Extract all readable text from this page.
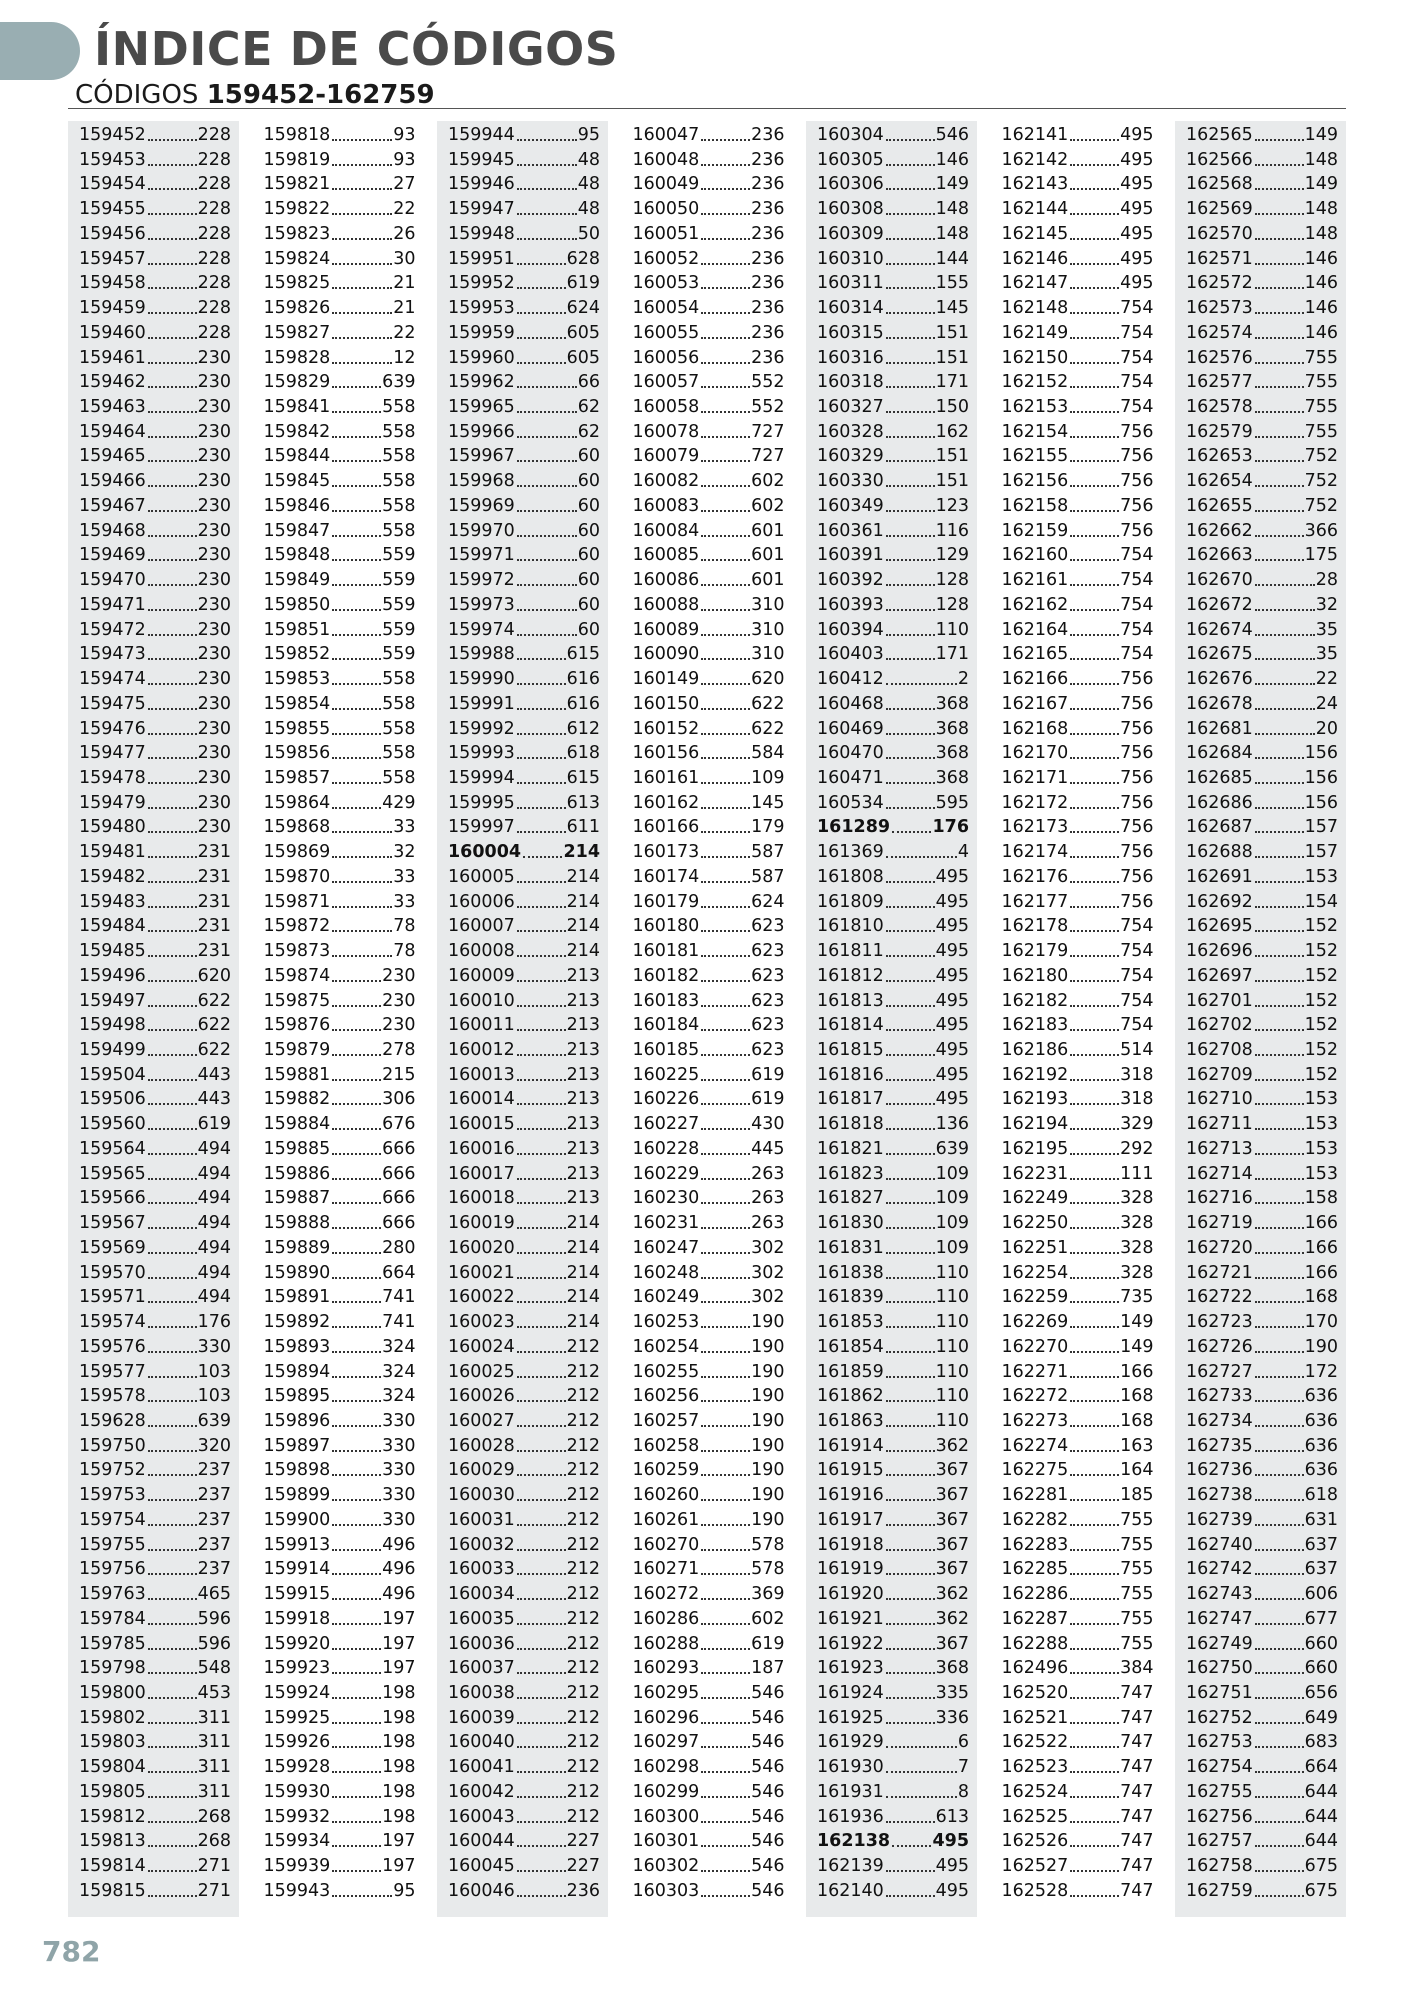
ÍNDICE DE CÓDIGOS

CÓDIGOS 159452-162759

159452	228
159453	228
159454	228
159455	228
159456	228
159457	228
159458	228
159459	228
159460	228
159461	230
159462	230
159463	230
159464	230
159465	230
159466	230
159467	230
159468	230
159469	230
159470	230
159471	230
159472	230
159473	230
159474	230
159475	230
159476	230
159477	230
159478	230
159479	230
159480	230
159481	231
159482	231
159483	231
159484	231
159485	231
159496	620
159497	622
159498	622
159499	622
159504	443
159506	443
159560	619
159564	494
159565	494
159566	494
159567	494
159569	494
159570	494
159571	494
159574	176
159576	330
159577	103
159578	103
159628	639
159750	320
159752	237
159753	237
159754	237
159755	237
159756	237
159763	465
159784	596
159785	596
159798	548
159800	453
159802	311
159803	311
159804	311
159805	311
159812	268
159813	268
159814	271
159815	271
159818	93
159819	93
159821	27
159822	22
159823	26
159824	30
159825	21
159826	21
159827	22
159828	12
159829	639
159841	558
159842	558
159844	558
159845	558
159846	558
159847	558
159848	559
159849	559
159850	559
159851	559
159852	559
159853	558
159854	558
159855	558
159856	558
159857	558
159864	429
159868	33
159869	32
159870	33
159871	33
159872	78
159873	78
159874	230
159875	230
159876	230
159879	278
159881	215
159882	306
159884	676
159885	666
159886	666
159887	666
159888	666
159889	280
159890	664
159891	741
159892	741
159893	324
159894	324
159895	324
159896	330
159897	330
159898	330
159899	330
159900	330
159913	496
159914	496
159915	496
159918	197
159920	197
159923	197
159924	198
159925	198
159926	198
159928	198
159930	198
159932	198
159934	197
159939	197
159943	95
159944	95
159945	48
159946	48
159947	48
159948	50
159951	628
159952	619
159953	624
159959	605
159960	605
159962	66
159965	62
159966	62
159967	60
159968	60
159969	60
159970	60
159971	60
159972	60
159973	60
159974	60
159988	615
159990	616
159991	616
159992	612
159993	618
159994	615
159995	613
159997	611
160004 214
160005	214
160006	214
160007	214
160008	214
160009	213
160010	213
160011	213
160012	213
160013	213
160014	213
160015	213
160016	213
160017	213
160018	213
160019	214
160020	214
160021	214
160022	214
160023	214
160024	212
160025	212
160026	212
160027	212
160028	212
160029	212
160030	212
160031	212
160032	212
160033	212
160034	212
160035	212
160036	212
160037	212
160038	212
160039	212
160040	212
160041	212
160042	212
160043	212
160044	227
160045	227
160046	236
160047	236
160048	236
160049	236
160050	236
160051	236
160052	236
160053	236
160054	236
160055	236
160056	236
160057	552
160058	552
160078	727
160079	727
160082	602
160083	602
160084	601
160085	601
160086	601
160088	310
160089	310
160090	310
160149	620
160150	622
160152	622
160156	584
160161	109
160162	145
160166	179
160173	587
160174	587
160179	624
160180	623
160181	623
160182	623
160183	623
160184	623
160185	623
160225	619
160226	619
160227	430
160228	445
160229	263
160230	263
160231	263
160247	302
160248	302
160249	302
160253	190
160254	190
160255	190
160256	190
160257	190
160258	190
160259	190
160260	190
160261	190
160270	578
160271	578
160272	369
160286	602
160288	619
160293	187
160295	546
160296	546
160297	546
160298	546
160299	546
160300	546
160301	546
160302	546
160303	546
160304	546
160305	146
160306	149
160308	148
160309	148
160310	144
160311	155
160314	145
160315	151
160316	151
160318	171
160327	150
160328	162
160329	151
160330	151
160349	123
160361	116
160391	129
160392	128
160393	128
160394	110
160403	171
160412	2
160468	368
160469	368
160470	368
160471	368
160534	595
161289 176
161369	4
161808	495
161809	495
161810	495
161811	495
161812	495
161813	495
161814	495
161815	495
161816	495
161817	495
161818	136
161821	639
161823	109
161827	109
161830	109
161831	109
161838	110
161839	110
161853	110
161854	110
161859	110
161862	110
161863	110
161914	362
161915	367
161916	367
161917	367
161918	367
161919	367
161920	362
161921	362
161922	367
161923	368
161924	335
161925	336
161929	6
161930	7
161931	8
161936	613
162138 495
162139	495
162140	495
162141	495
162142	495
162143	495
162144	495
162145	495
162146	495
162147	495
162148	754
162149	754
162150	754
162152	754
162153	754
162154	756
162155	756
162156	756
162158	756
162159	756
162160	754
162161	754
162162	754
162164	754
162165	754
162166	756
162167	756
162168	756
162170	756
162171	756
162172	756
162173	756
162174	756
162176	756
162177	756
162178	754
162179	754
162180	754
162182	754
162183	754
162186	514
162192	318
162193	318
162194	329
162195	292
162231	111
162249	328
162250	328
162251	328
162254	328
162259	735
162269	149
162270	149
162271	166
162272	168
162273	168
162274	163
162275	164
162281	185
162282	755
162283	755
162285	755
162286	755
162287	755
162288	755
162496	384
162520	747
162521	747
162522	747
162523	747
162524	747
162525	747
162526	747
162527	747
162528	747
162565	149
162566	148
162568	149
162569	148
162570	148
162571	146
162572	146
162573	146
162574	146
162576	755
162577	755
162578	755
162579	755
162653	752
162654	752
162655	752
162662	366
162663	175
162670	28
162672	32
162674	35
162675	35
162676	22
162678	24
162681	20
162684	156
162685	156
162686	156
162687	157
162688	157
162691	153
162692	154
162695	152
162696	152
162697	152
162701	152
162702	152
162708	152
162709	152
162710	153
162711	153
162713	153
162714	153
162716	158
162719	166
162720	166
162721	166
162722	168
162723	170
162726	190
162727	172
162733	636
162734	636
162735	636
162736	636
162738	618
162739	631
162740	637
162742	637
162743	606
162747	677
162749	660
162750	660
162751	656
162752	649
162753	683
162754	664
162755	644
162756	644
162757	644
162758	675
162759	675

782
